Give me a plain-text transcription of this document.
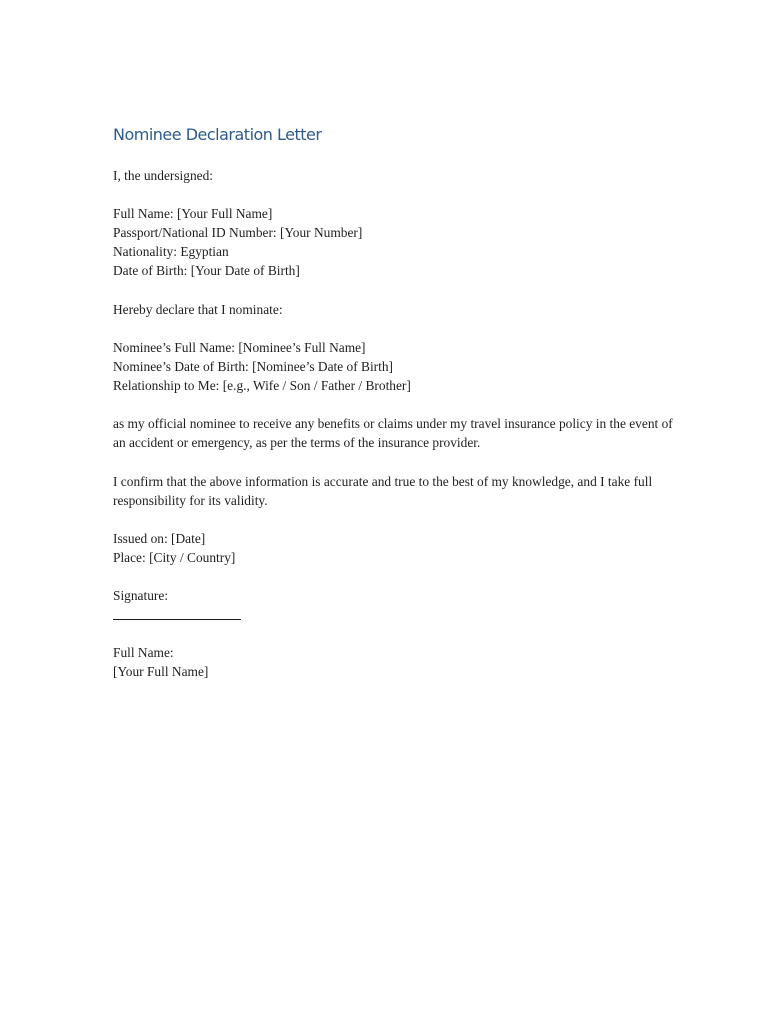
Nominee Declaration Letter
I, the undersigned:
Full Name: [Your Full Name]
Passport/National ID Number: [Your Number]
Nationality: Egyptian
Date of Birth: [Your Date of Birth]
Hereby declare that I nominate:
Nominee’s Full Name: [Nominee’s Full Name]
Nominee’s Date of Birth: [Nominee’s Date of Birth]
Relationship to Me: [e.g., Wife / Son / Father / Brother]
as my official nominee to receive any benefits or claims under my travel insurance policy in the event of an accident or emergency, as per the terms of the insurance provider.
I confirm that the above information is accurate and true to the best of my knowledge, and I take full responsibility for its validity.
Issued on: [Date]
Place: [City / Country]
Signature:
Full Name:
[Your Full Name]
